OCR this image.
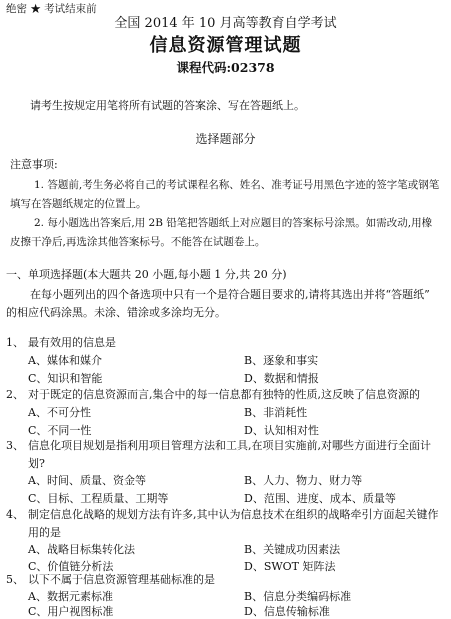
绝密 ★ 考试结束前
全国 2014 年 10 月高等教育自学考试
信息资源管理试题
课程代码:02378
请考生按规定用笔将所有试题的答案涂、写在答题纸上。
选择题部分
注意事项:
1. 答题前,考生务必将自己的考试课程名称、姓名、准考证号用黑色字迹的签字笔或钢笔
填写在答题纸规定的位置上。
2. 每小题选出答案后,用 2B 铅笔把答题纸上对应题目的答案标号涂黑。如需改动,用橡
皮擦干净后,再选涂其他答案标号。不能答在试题卷上。
一、单项选择题(本大题共 20 小题,每小题 1 分,共 20 分)
在每小题列出的四个备选项中只有一个是符合题目要求的,请将其选出并将“答题纸”
的相应代码涂黑。未涂、错涂或多涂均无分。
1、 最有效用的信息是
A、媒体和媒介	B、逐象和事实
C、知识和智能	D、数据和情报
2、 对于既定的信息资源而言,集合中的每一信息都有独特的性质,这反映了信息资源的
A、不可分性	B、非消耗性
C、不同一性	D、认知相对性
3、 信息化项目规划是指利用项目管理方法和工具,在项目实施前,对哪些方面进行全面计
划?
A、时间、质量、资金等	B、人力、物力、财力等
C、目标、工程质量、工期等	D、范围、进度、成本、质量等
4、 制定信息化战略的规划方法有许多,其中认为信息技术在组织的战略牵引方面起关键作
用的是
A、战略目标集转化法	B、关键成功因素法
C、价值链分析法	D、SWOT 矩阵法
5、 以下不属于信息资源管理基础标准的是
A、数据元素标准	B、信息分类编码标准
C、用户视图标准	D、信息传输标准
